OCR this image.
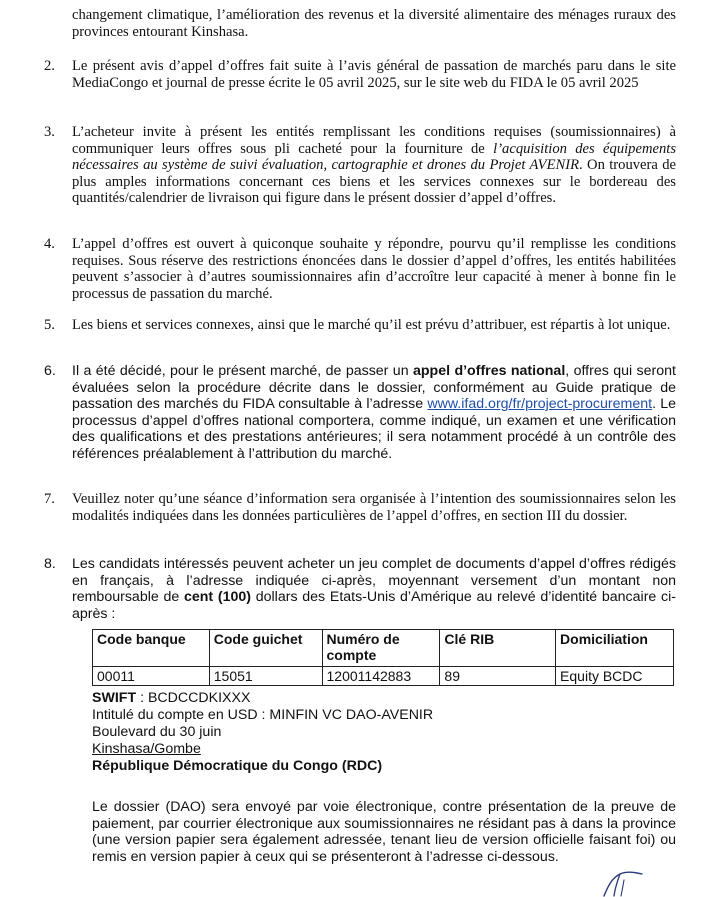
changement climatique, l’amélioration des revenus et la diversité alimentaire des ménages ruraux des provinces entourant Kinshasa.
2. Le présent avis d’appel d’offres fait suite à l’avis général de passation de marchés paru dans le site MediaCongo et journal de presse écrite le 05 avril 2025, sur le site web du FIDA le 05 avril 2025
3. L’acheteur invite à présent les entités remplissant les conditions requises (soumissionnaires) à communiquer leurs offres sous pli cacheté pour la fourniture de l’acquisition des équipements nécessaires au système de suivi évaluation, cartographie et drones du Projet AVENIR. On trouvera de plus amples informations concernant ces biens et les services connexes sur le bordereau des quantités/calendrier de livraison qui figure dans le présent dossier d’appel d’offres.
4. L’appel d’offres est ouvert à quiconque souhaite y répondre, pourvu qu’il remplisse les conditions requises. Sous réserve des restrictions énoncées dans le dossier d’appel d’offres, les entités habilitées peuvent s’associer à d’autres soumissionnaires afin d’accroître leur capacité à mener à bonne fin le processus de passation du marché.
5. Les biens et services connexes, ainsi que le marché qu’il est prévu d’attribuer, est répartis à lot unique.
6. Il a été décidé, pour le présent marché, de passer un appel d’offres national, offres qui seront évaluées selon la procédure décrite dans le dossier, conformément au Guide pratique de passation des marchés du FIDA consultable à l’adresse www.ifad.org/fr/project-procurement. Le processus d’appel d’offres national comportera, comme indiqué, un examen et une vérification des qualifications et des prestations antérieures; il sera notamment procédé à un contrôle des références préalablement à l’attribution du marché.
7. Veuillez noter qu’une séance d’information sera organisée à l’intention des soumissionnaires selon les modalités indiquées dans les données particulières de l’appel d’offres, en section III du dossier.
8. Les candidats intéressés peuvent acheter un jeu complet de documents d’appel d’offres rédigés en français, à l’adresse indiquée ci-après, moyennant versement d’un montant non remboursable de cent (100) dollars des Etats-Unis d’Amérique au relevé d’identité bancaire ci-après :
Code banque	Code guichet	Numéro de compte	Clé RIB	Domiciliation
00011	15051	12001142883	89	Equity BCDC
SWIFT : BCDCCDKIXXX
Intitulé du compte en USD : MINFIN VC DAO-AVENIR
Boulevard du 30 juin
Kinshasa/Gombe
République Démocratique du Congo (RDC)
Le dossier (DAO) sera envoyé par voie électronique, contre présentation de la preuve de paiement, par courrier électronique aux soumissionnaires ne résidant pas à dans la province (une version papier sera également adressée, tenant lieu de version officielle faisant foi) ou remis en version papier à ceux qui se présenteront à l’adresse ci-dessous.
